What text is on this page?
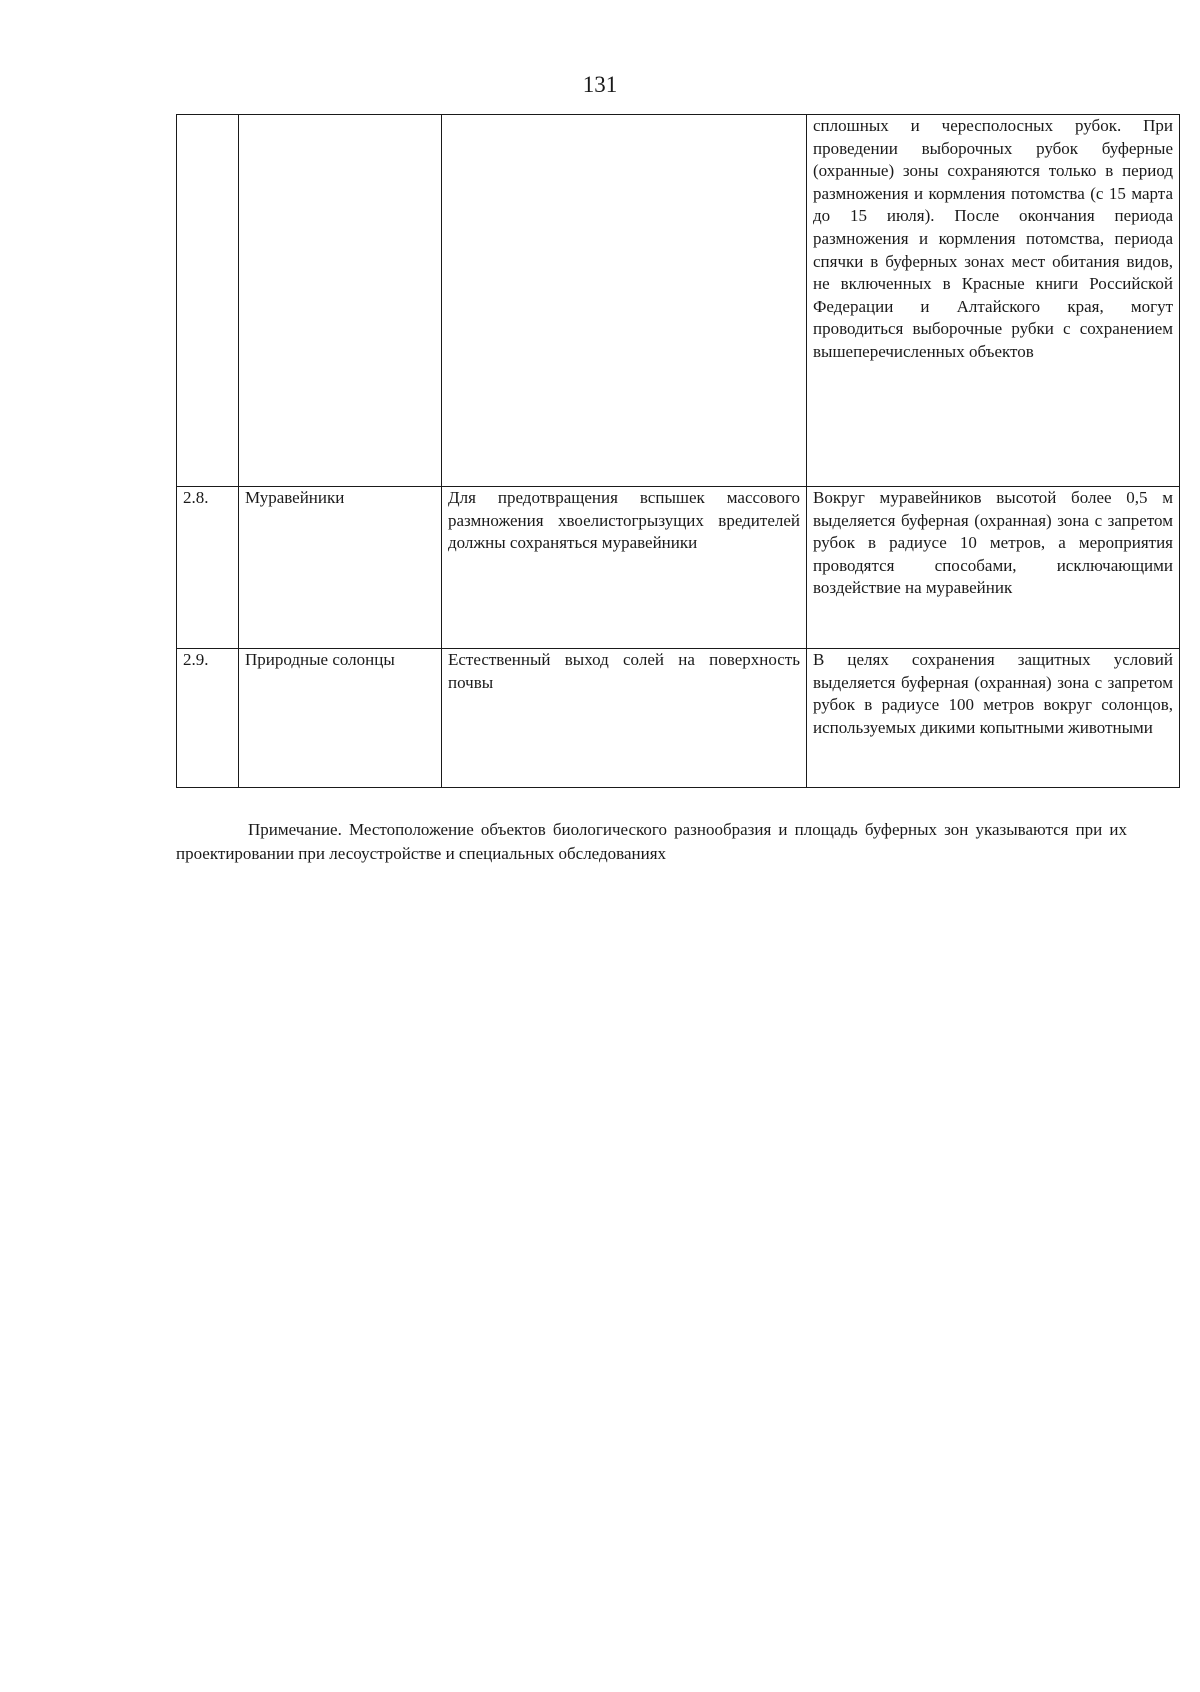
131
			сплошных и чересполосных рубок. При проведении выборочных рубок буферные (охранные) зоны сохраняются только в период размножения и кормления потомства (с 15 марта до 15 июля). После окончания периода размножения и кормления потомства, периода спячки в буферных зонах мест обитания видов, не включенных в Красные книги Российской Федерации и Алтайского края, могут проводиться выборочные рубки с сохранением вышеперечисленных объектов
2.8.	Муравейники	Для предотвращения вспышек массового размножения хвоелистогрызущих вредителей должны сохраняться муравейники	Вокруг муравейников высотой более 0,5 м выделяется буферная (охранная) зона с запретом рубок в радиусе 10 метров, а мероприятия проводятся способами, исключающими воздействие на муравейник
2.9.	Природные солонцы	Естественный выход солей на поверхность почвы	В целях сохранения защитных условий выделяется буферная (охранная) зона с запретом рубок в радиусе 100 метров вокруг солонцов, используемых дикими копытными животными
Примечание. Местоположение объектов биологического разнообразия и площадь буферных зон указываются при их проектировании при лесоустройстве и специальных обследованиях
